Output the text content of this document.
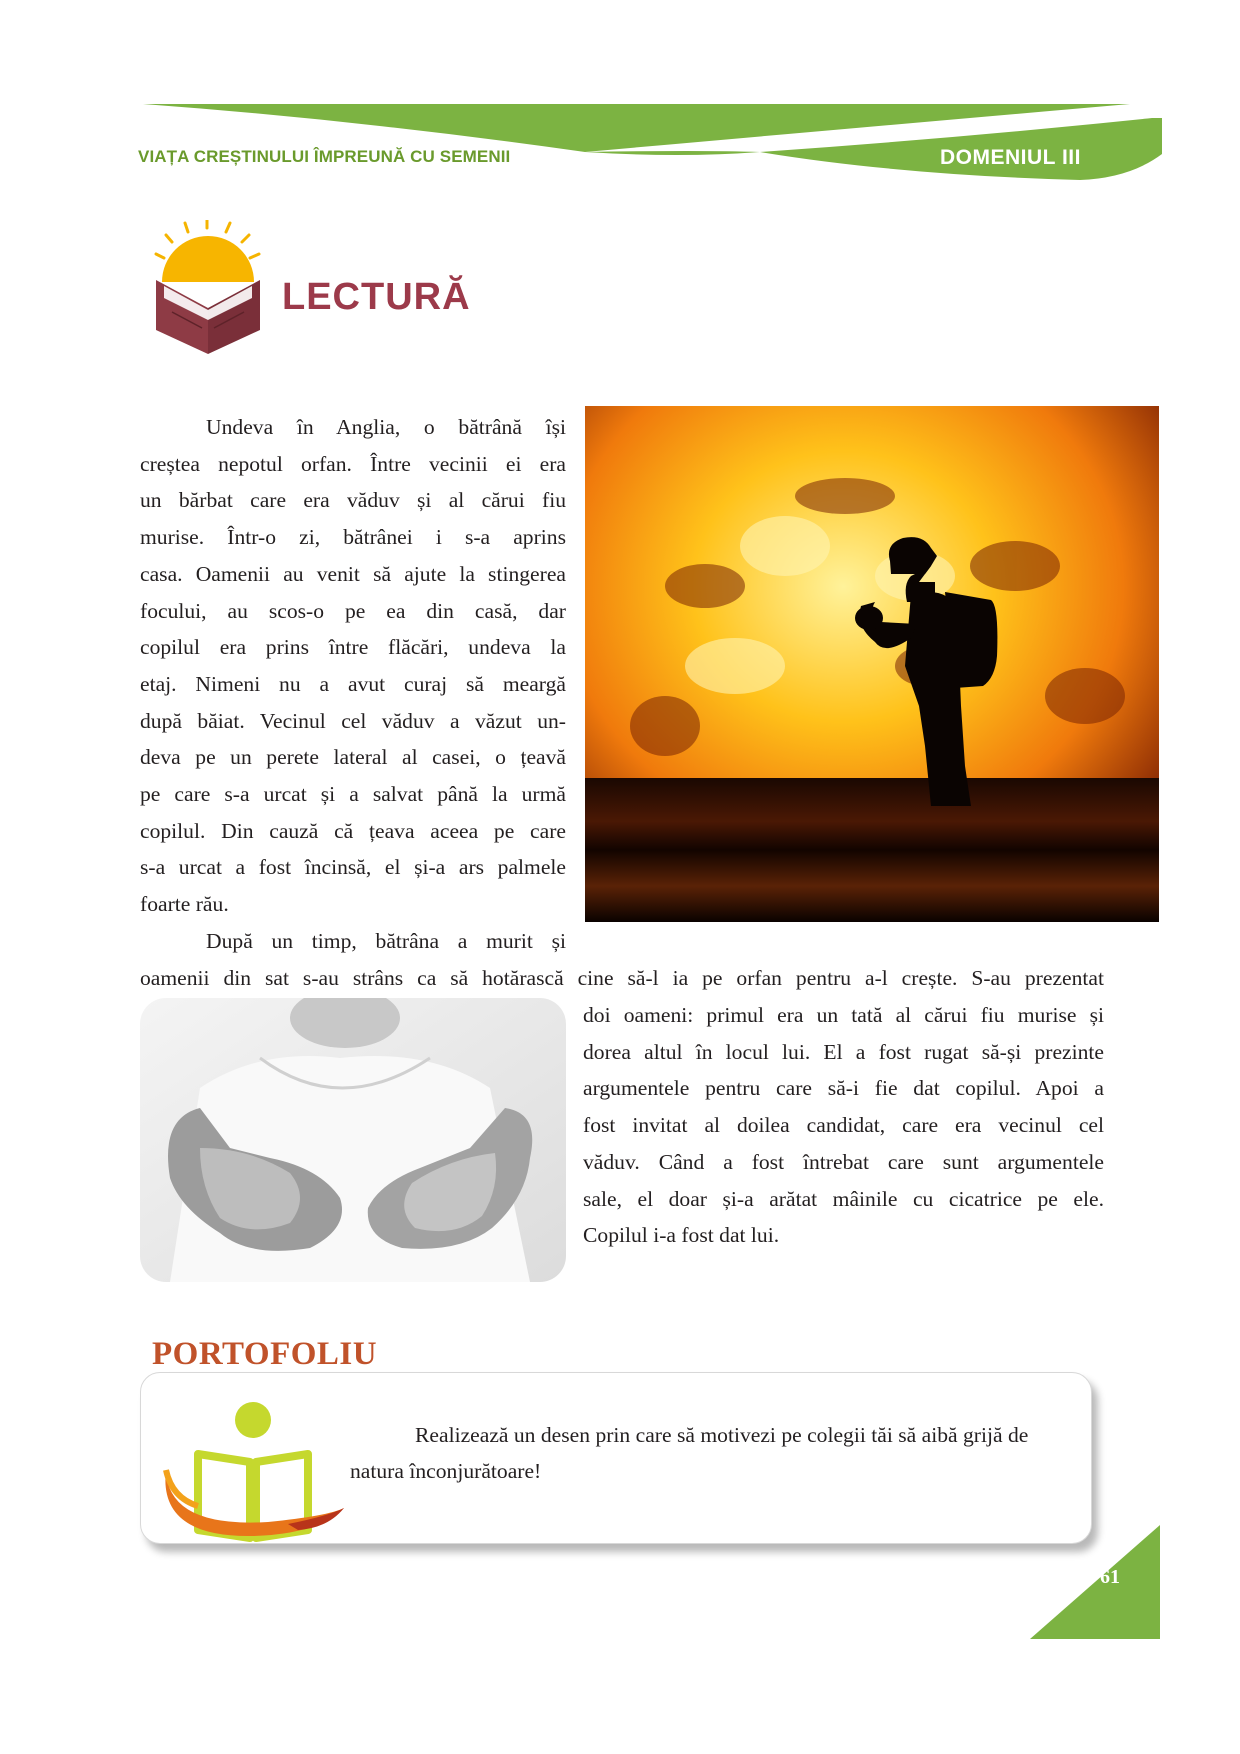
VIAȚA CREȘTINULUI ÎMPREUNĂ CU SEMENII	DOMENIUL III
LECTURĂ

Undeva în Anglia, o bătrână își

creștea nepotul orfan. Între vecinii ei era

un bărbat care era văduv și al cărui fiu

murise. Într-o zi, bătrânei i s-a aprins

casa. Oamenii au venit să ajute la stingerea

focului, au scos-o pe ea din casă, dar

copilul era prins între flăcări, undeva la

etaj. Nimeni nu a avut curaj să meargă

după băiat. Vecinul cel văduv a văzut un-

deva pe un perete lateral al casei, o țeavă

pe care s-a urcat și a salvat până la urmă

copilul. Din cauză că țeava aceea pe care

s-a urcat a fost încinsă, el și-a ars palmele

foarte rău.

După un timp, bătrâna a murit și

oamenii din sat s-au strâns ca să hotărască cine să-l ia pe orfan pentru a-l crește. S-au prezentat

doi oameni: primul era un tată al cărui fiu murise și

dorea altul în locul lui. El a fost rugat să-și prezinte

argumentele pentru care să-i fie dat copilul. Apoi a

fost invitat al doilea candidat, care era vecinul cel

văduv. Când a fost întrebat care sunt argumentele

sale, el doar și-a arătat mâinile cu cicatrice pe ele.

Copilul i-a fost dat lui.

PORTOFOLIU

Realizează un desen prin care să motivezi pe colegii tăi să aibă grijă de natura înconjurătoare!

61
